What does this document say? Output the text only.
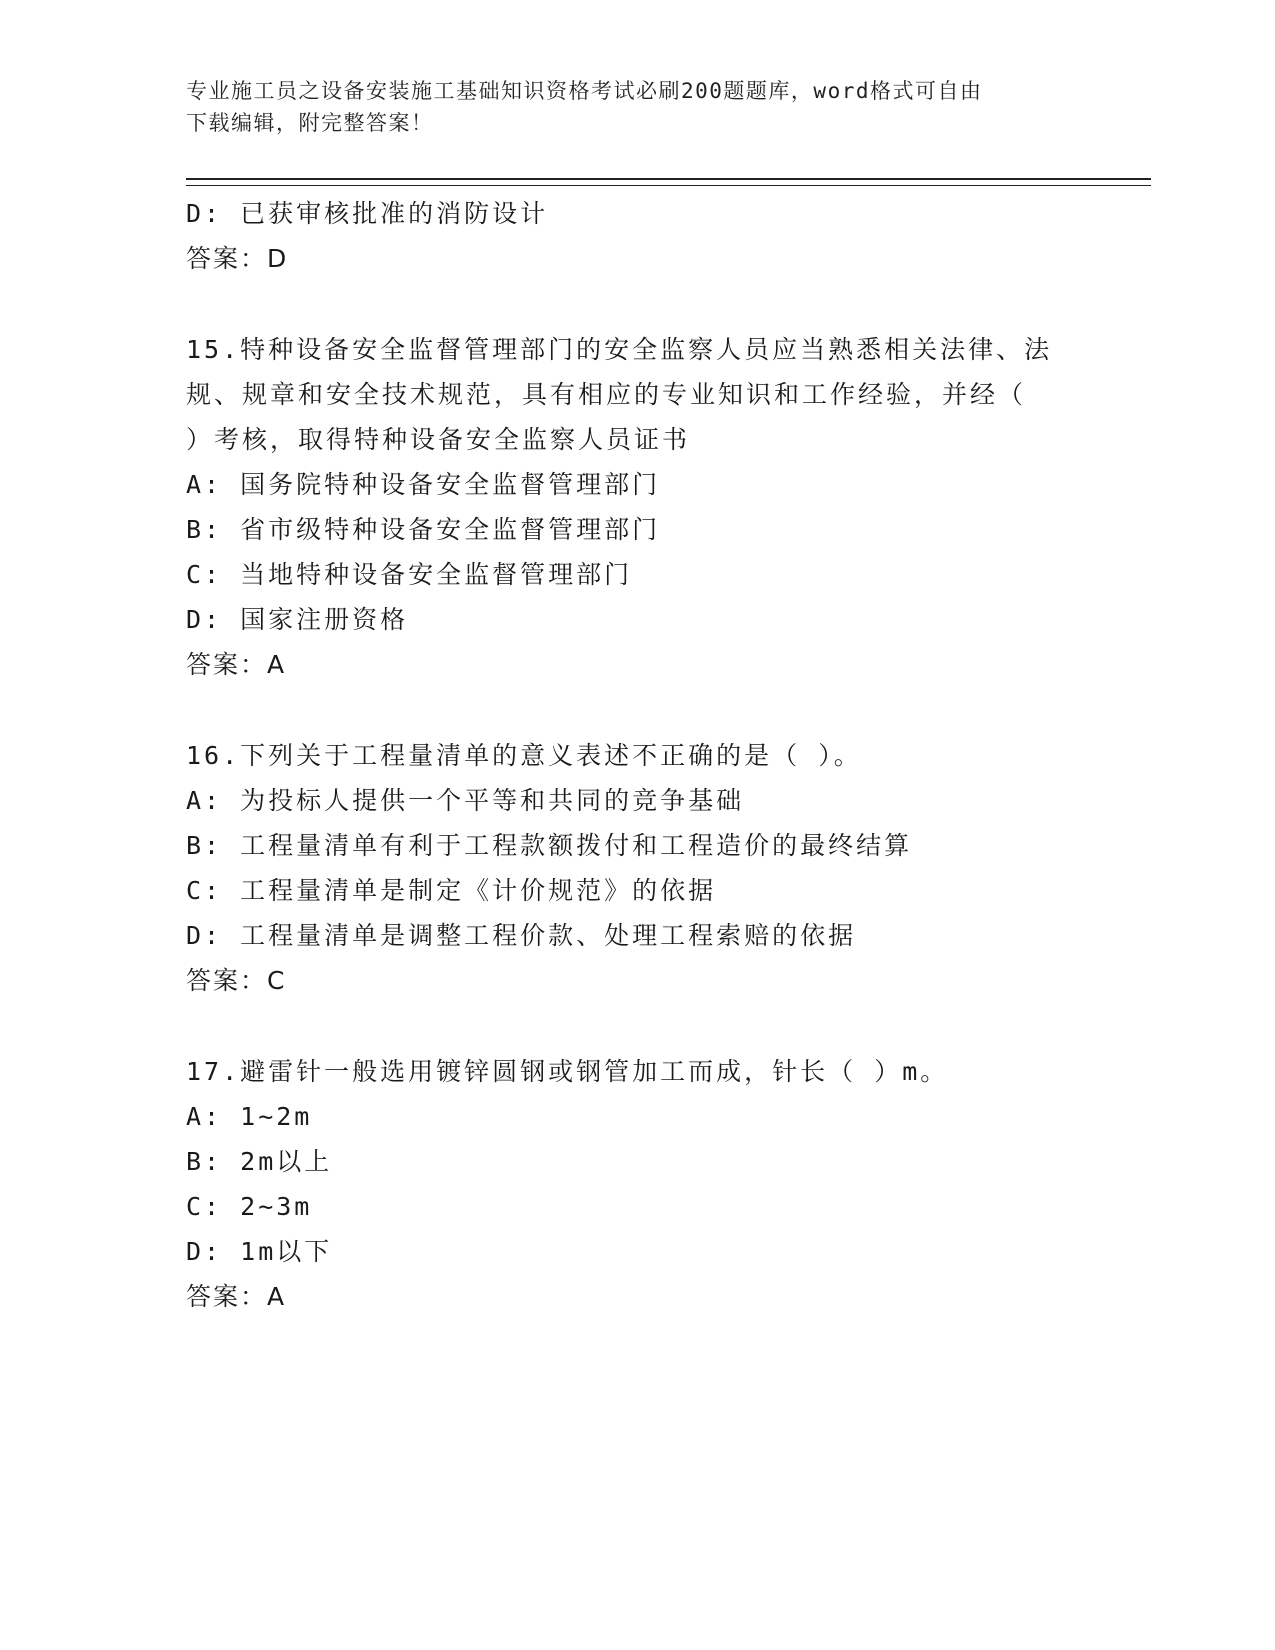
专业施工员之设备安装施工基础知识资格考试必刷200题题库，word格式可自由
下载编辑，附完整答案！

D: 已获审核批准的消防设计

答案：D

15.特种设备安全监督管理部门的安全监察人员应当熟悉相关法律、法

规、规章和安全技术规范，具有相应的专业知识和工作经验，并经（

）考核，取得特种设备安全监察人员证书

A: 国务院特种设备安全监督管理部门

B: 省市级特种设备安全监督管理部门

C: 当地特种设备安全监督管理部门

D: 国家注册资格

答案：A

16.下列关于工程量清单的意义表述不正确的是（ ）。

A: 为投标人提供一个平等和共同的竞争基础

B: 工程量清单有利于工程款额拨付和工程造价的最终结算

C: 工程量清单是制定《计价规范》的依据

D: 工程量清单是调整工程价款、处理工程索赔的依据

答案：C

17.避雷针一般选用镀锌圆钢或钢管加工而成，针长（ ）m。

A: 1~2m

B: 2m以上

C: 2~3m

D: 1m以下

答案：A
